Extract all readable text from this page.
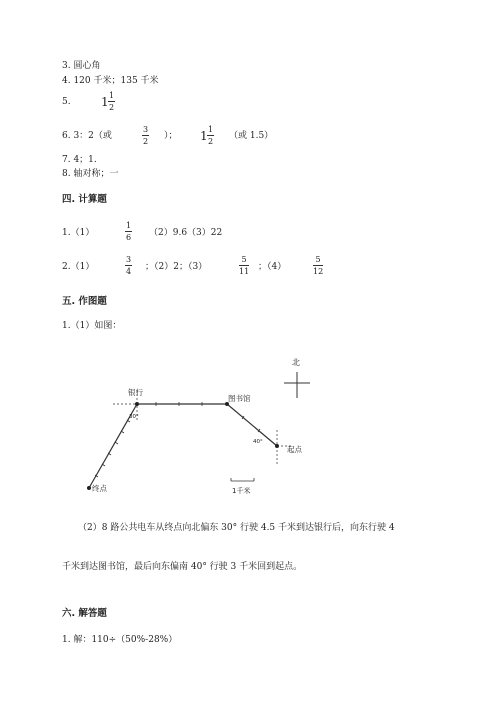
3. 圆心角
4. 120 千米；135 千米
5.	$1 \frac{1}{2}$
6. 3：2（或	$\frac{3}{2}$ ）； $1 \frac{1}{2}$ （或 1.5）
7. 4；1.
8. 轴对称；一
四. 计算题
1.（1）	$\frac{1}{6} (2)9.6(3)22$
2.（1）	$\frac{3}{4}$ ；（2）2；（3）	$\frac{5}{11}$ ；（4）	$\frac{5}{12}$
五. 作图题
1.（1）如图：
北
银行
图书馆
起点
终点
30°
40°
1千米
（2）8 路公共电车从终点向北偏东 30° 行驶 4.5 千米到达银行后，向东行驶 4
千米到达图书馆，最后向东偏南 40° 行驶 3 千米回到起点。
六. 解答题
1. 解：110÷（50%-28%）
